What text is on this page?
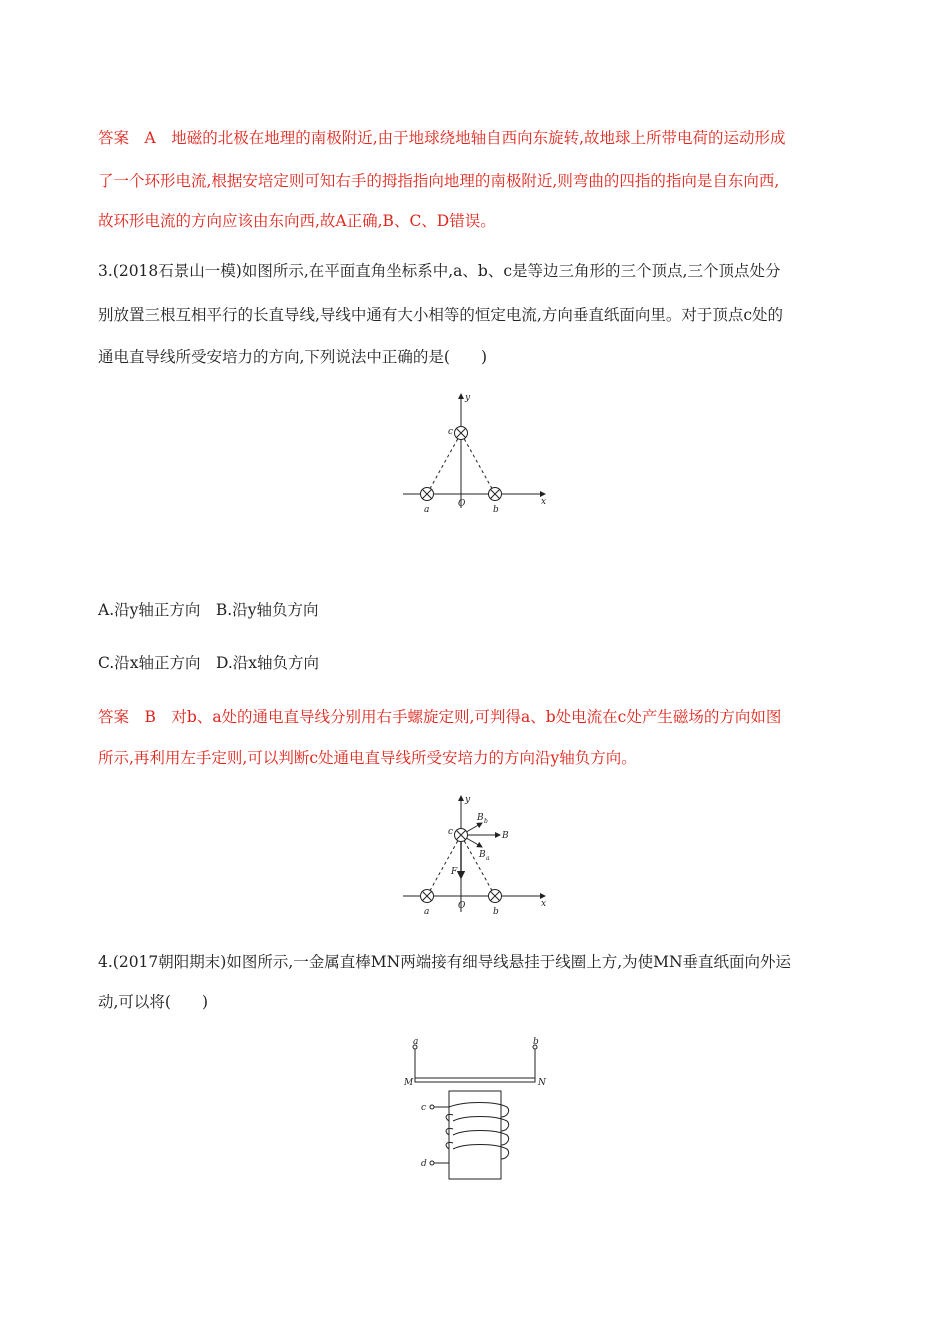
答案　A　地磁的北极在地理的南极附近,由于地球绕地轴自西向东旋转,故地球上所带电荷的运动形成
了一个环形电流,根据安培定则可知右手的拇指指向地理的南极附近,则弯曲的四指的指向是自东向西,
故环形电流的方向应该由东向西,故A正确,B、C、D错误。
3.(2018石景山一模)如图所示,在平面直角坐标系中,a、b、c是等边三角形的三个顶点,三个顶点处分
别放置三根互相平行的长直导线,导线中通有大小相等的恒定电流,方向垂直纸面向里。对于顶点c处的
通电直导线所受安培力的方向,下列说法中正确的是(　　)
y
x
c
O
a	b
A.沿y轴正方向　B.沿y轴负方向
C.沿x轴正方向　D.沿x轴负方向
答案　B　对b、a处的通电直导线分别用右手螺旋定则,可判得a、b处电流在c处产生磁场的方向如图
所示,再利用左手定则,可以判断c处通电直导线所受安培力的方向沿y轴负方向。
y
x
c
O
a	b
F
B
B b
B a
4.(2017朝阳期末)如图所示,一金属直棒MN两端接有细导线悬挂于线圈上方,为使MN垂直纸面向外运
动,可以将(　　)
a	b
M	N
c
d
